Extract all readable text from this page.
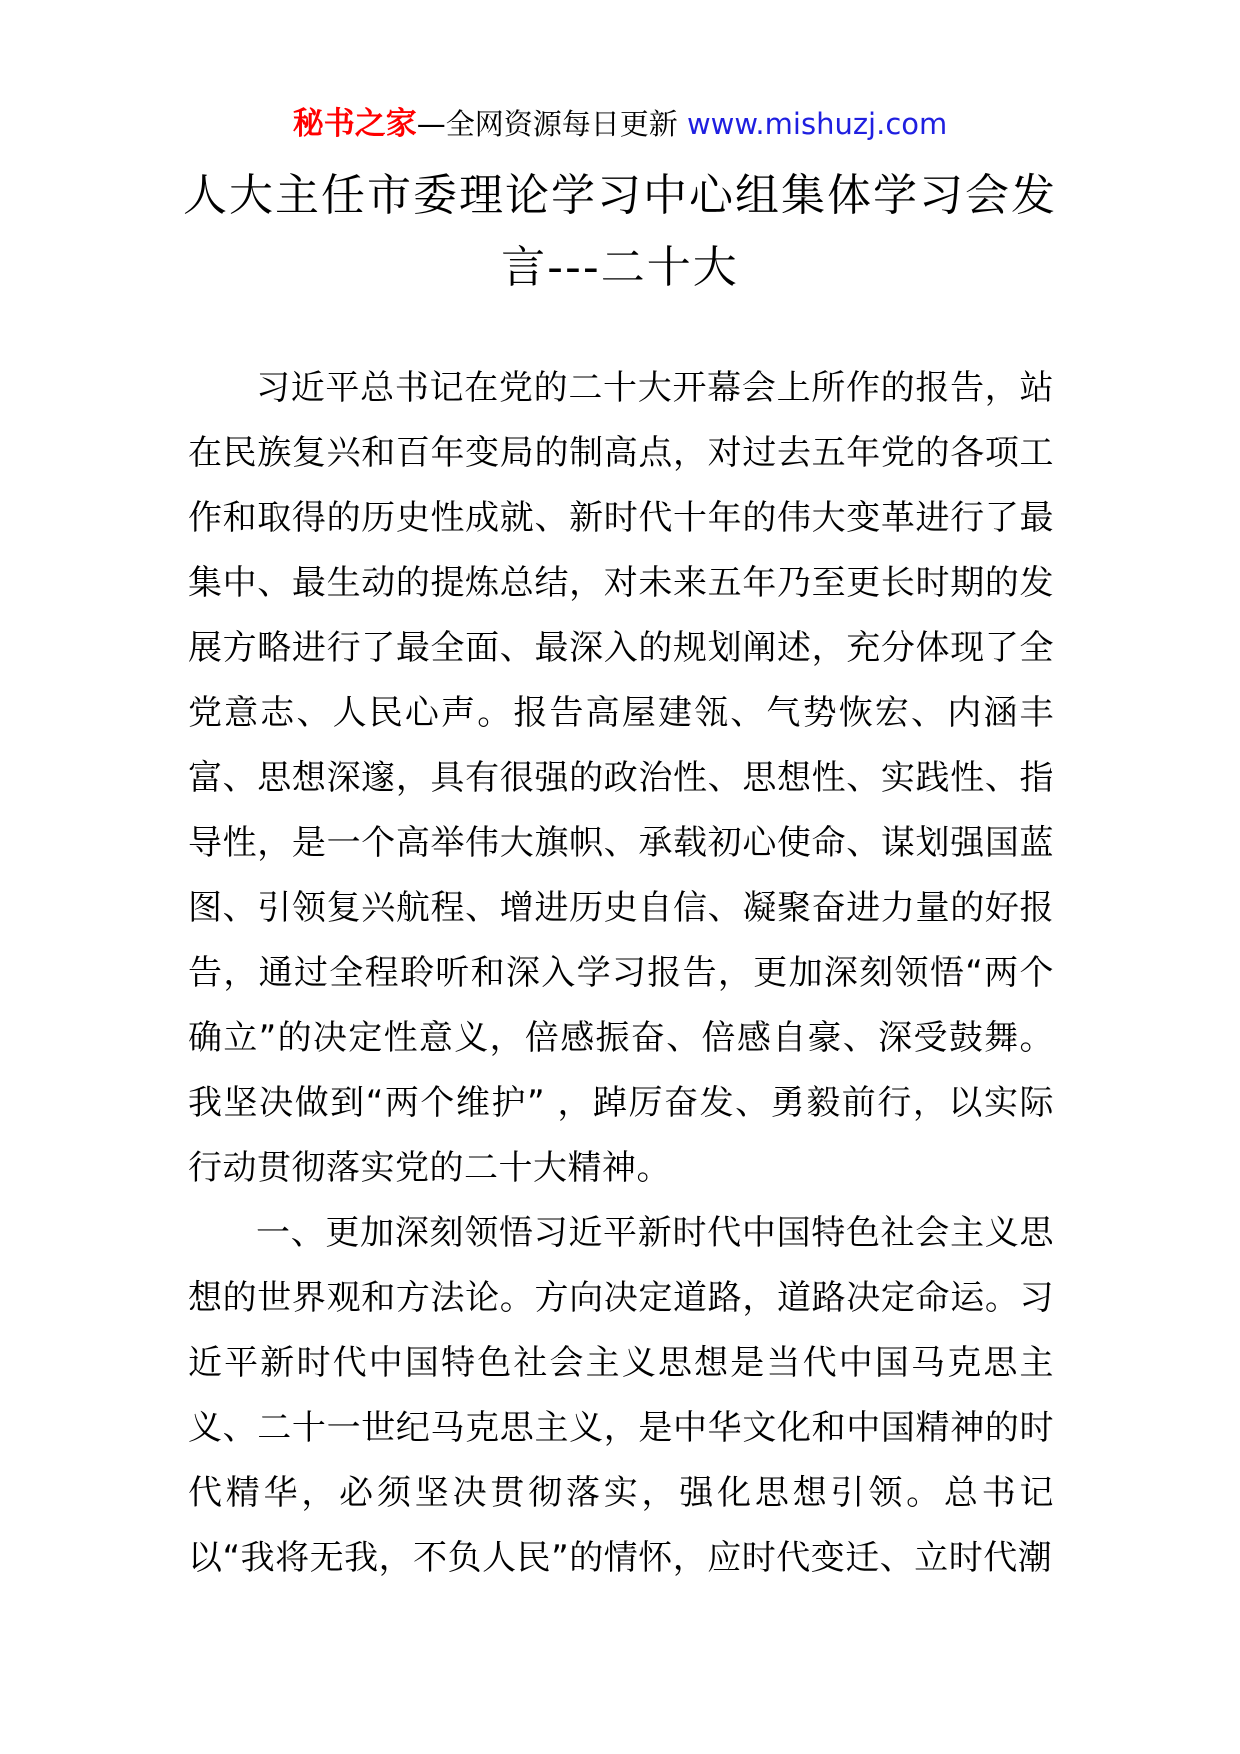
秘书之家—全网资源每日更新 www.mishuzj.com
人大主任市委理论学习中心组集体学习会发言---二十大

习近平总书记在党的二十大开幕会上所作的报告，站在民族复兴和百年变局的制高点，对过去五年党的各项工作和取得的历史性成就、新时代十年的伟大变革进行了最集中、最生动的提炼总结，对未来五年乃至更长时期的发展方略进行了最全面、最深入的规划阐述，充分体现了全党意志、人民心声。报告高屋建瓴、气势恢宏、内涵丰富、思想深邃，具有很强的政治性、思想性、实践性、指导性，是一个高举伟大旗帜、承载初心使命、谋划强国蓝图、引领复兴航程、增进历史自信、凝聚奋进力量的好报告，通过全程聆听和深入学习报告，更加深刻领悟“两个确立”的决定性意义，倍感振奋、倍感自豪、深受鼓舞。我坚决做到“两个维护” ，踔厉奋发、勇毅前行，以实际行动贯彻落实党的二十大精神。

一、更加深刻领悟习近平新时代中国特色社会主义思想的世界观和方法论。方向决定道路，道路决定命运。习近平新时代中国特色社会主义思想是当代中国马克思主义、二十一世纪马克思主义，是中华文化和中国精神的时代精华，必须坚决贯彻落实，强化思想引领。总书记以“我将无我，不负人民”的情怀，应时代变迁、立时代潮
